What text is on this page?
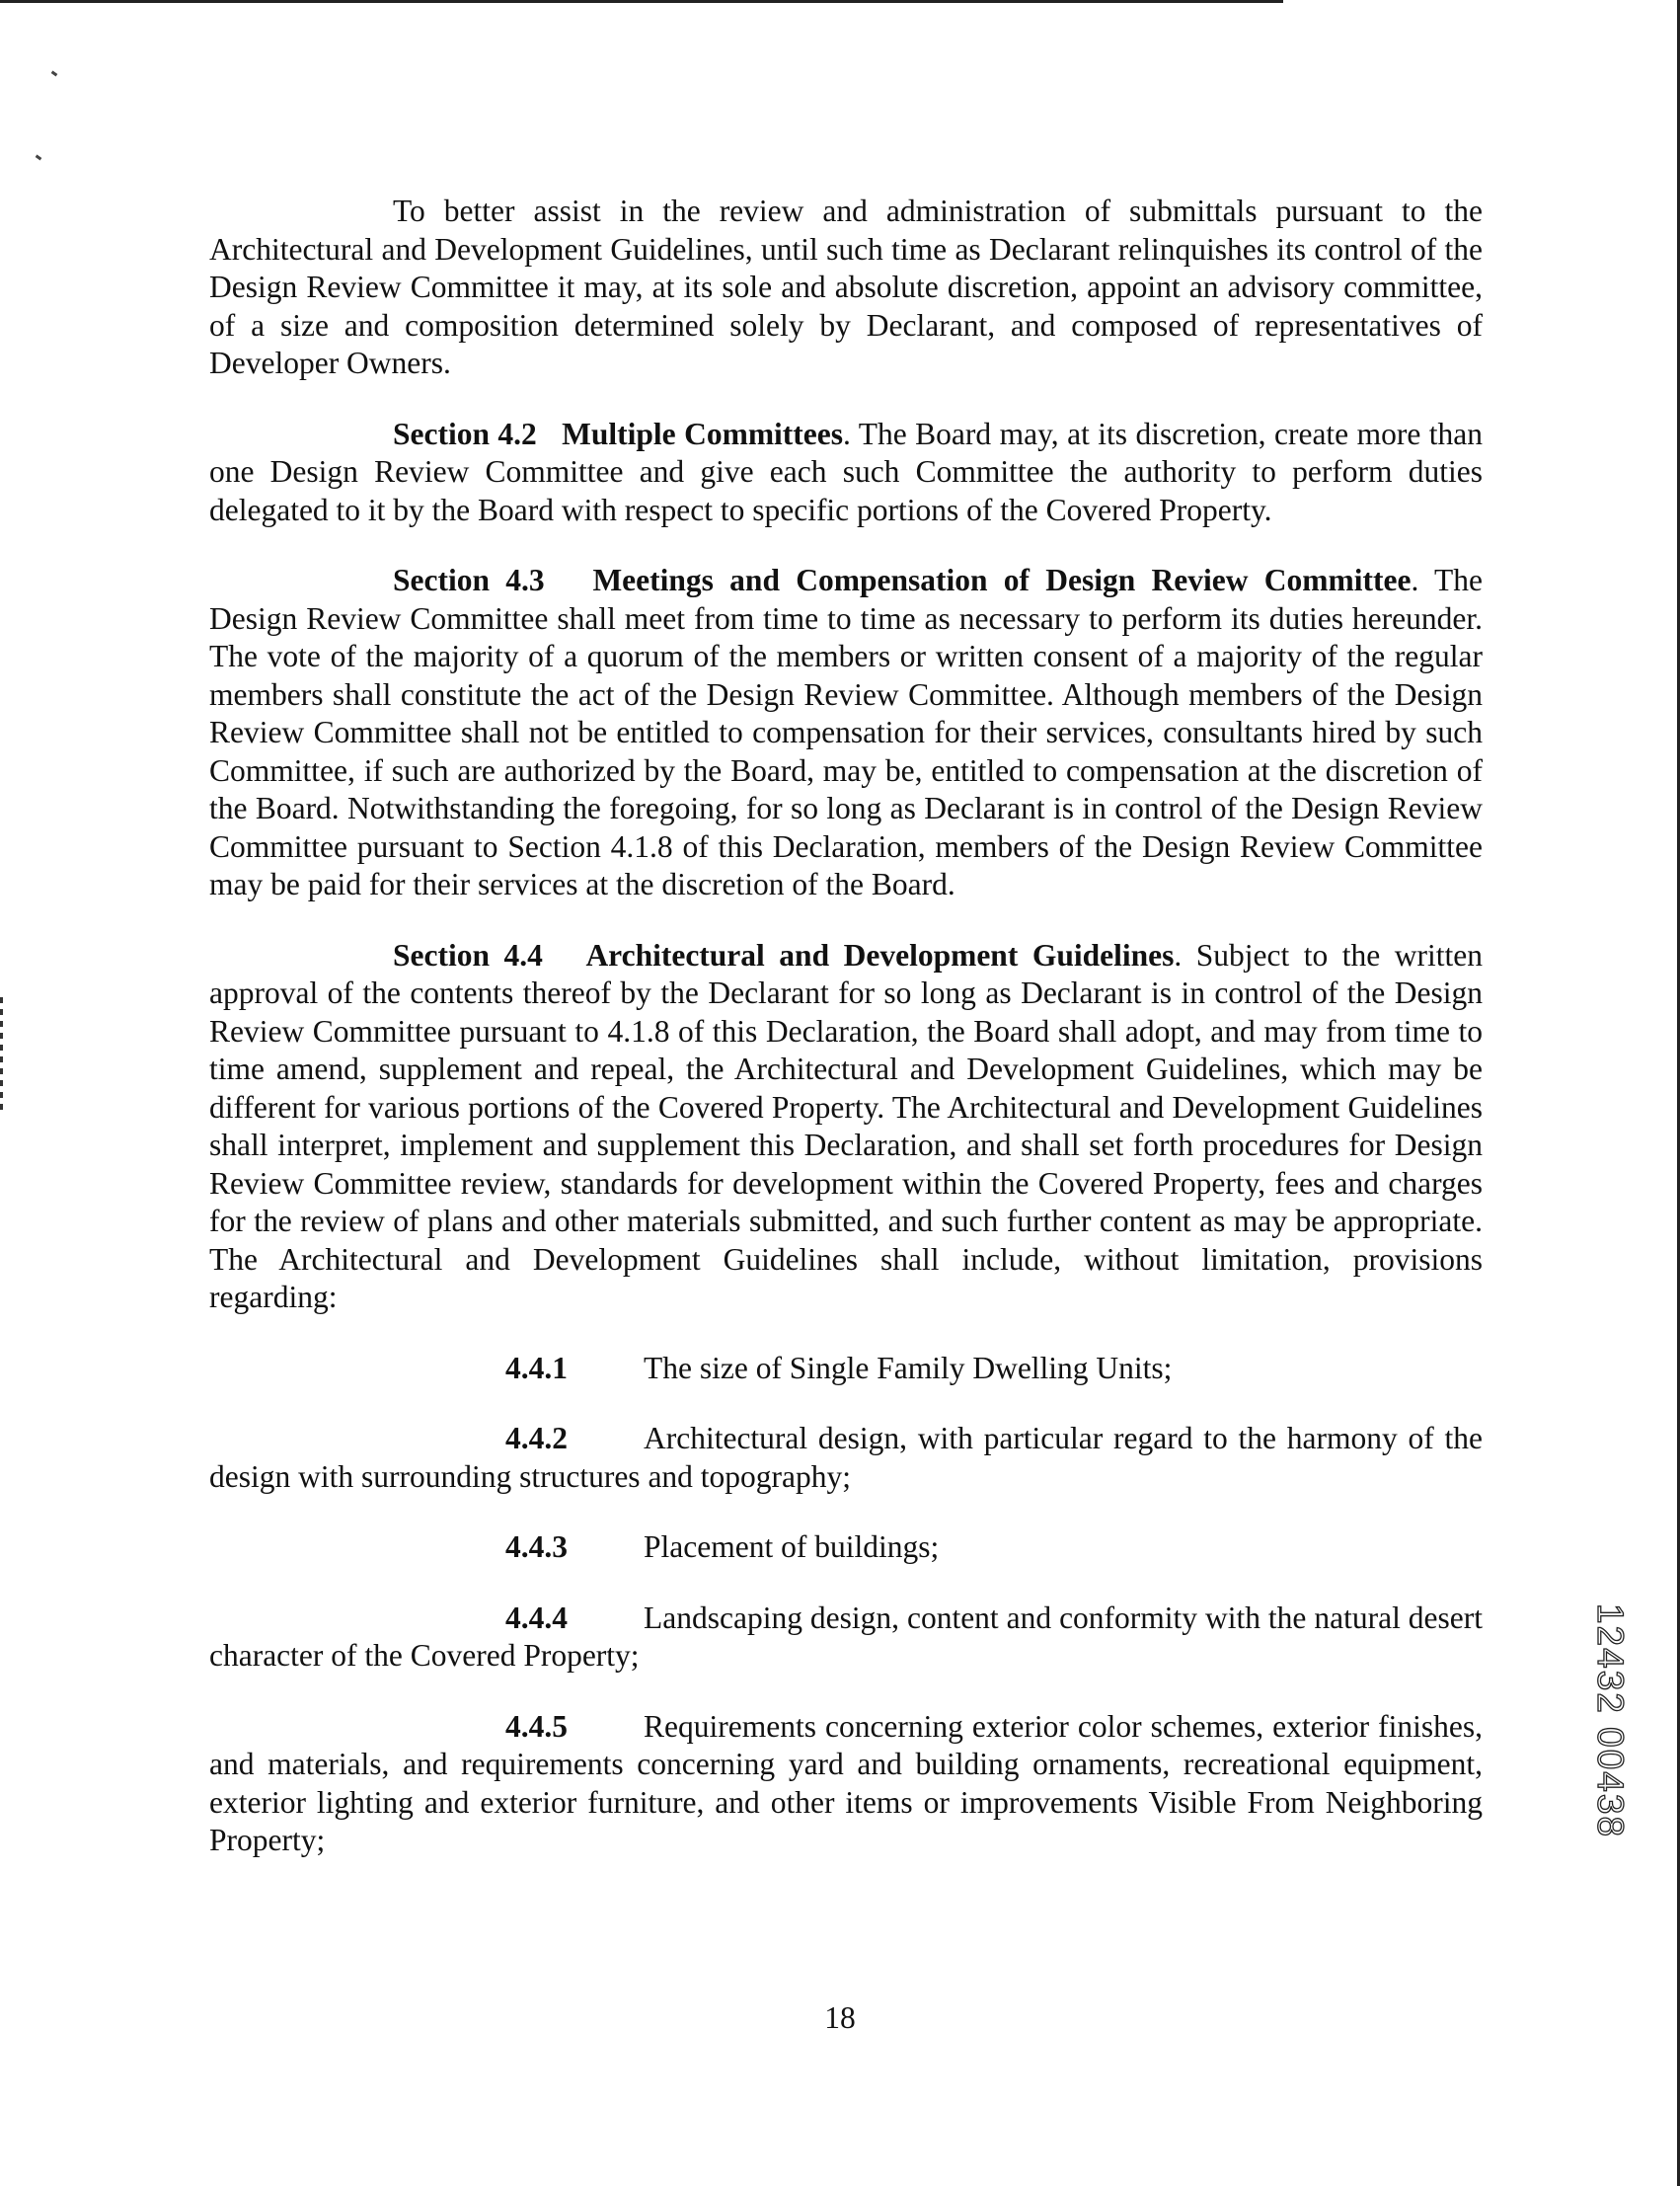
To better assist in the review and administration of submittals pursuant to the Architectural and Development Guidelines, until such time as Declarant relinquishes its control of the Design Review Committee it may, at its sole and absolute discretion, appoint an advisory committee, of a size and composition determined solely by Declarant, and composed of representatives of Developer Owners.

Section 4.2 Multiple Committees. The Board may, at its discretion, create more than one Design Review Committee and give each such Committee the authority to perform duties delegated to it by the Board with respect to specific portions of the Covered Property.

Section 4.3 Meetings and Compensation of Design Review Committee. The Design Review Committee shall meet from time to time as necessary to perform its duties hereunder. The vote of the majority of a quorum of the members or written consent of a majority of the regular members shall constitute the act of the Design Review Committee. Although members of the Design Review Committee shall not be entitled to compensation for their services, consultants hired by such Committee, if such are authorized by the Board, may be, entitled to compensation at the discretion of the Board. Notwithstanding the foregoing, for so long as Declarant is in control of the Design Review Committee pursuant to Section 4.1.8 of this Declaration, members of the Design Review Committee may be paid for their services at the discretion of the Board.

Section 4.4 Architectural and Development Guidelines. Subject to the written approval of the contents thereof by the Declarant for so long as Declarant is in control of the Design Review Committee pursuant to 4.1.8 of this Declaration, the Board shall adopt, and may from time to time amend, supplement and repeal, the Architectural and Development Guidelines, which may be different for various portions of the Covered Property. The Architectural and Development Guidelines shall interpret, implement and supplement this Declaration, and shall set forth procedures for Design Review Committee review, standards for development within the Covered Property, fees and charges for the review of plans and other materials submitted, and such further content as may be appropriate. The Architectural and Development Guidelines shall include, without limitation, provisions regarding:

4.4.1 The size of Single Family Dwelling Units;

4.4.2 Architectural design, with particular regard to the harmony of the design with surrounding structures and topography;

4.4.3 Placement of buildings;

4.4.4 Landscaping design, content and conformity with the natural desert character of the Covered Property;

4.4.5 Requirements concerning exterior color schemes, exterior finishes, and materials, and requirements concerning yard and building ornaments, recreational equipment, exterior lighting and exterior furniture, and other items or improvements Visible From Neighboring Property;

12432 00438
18
